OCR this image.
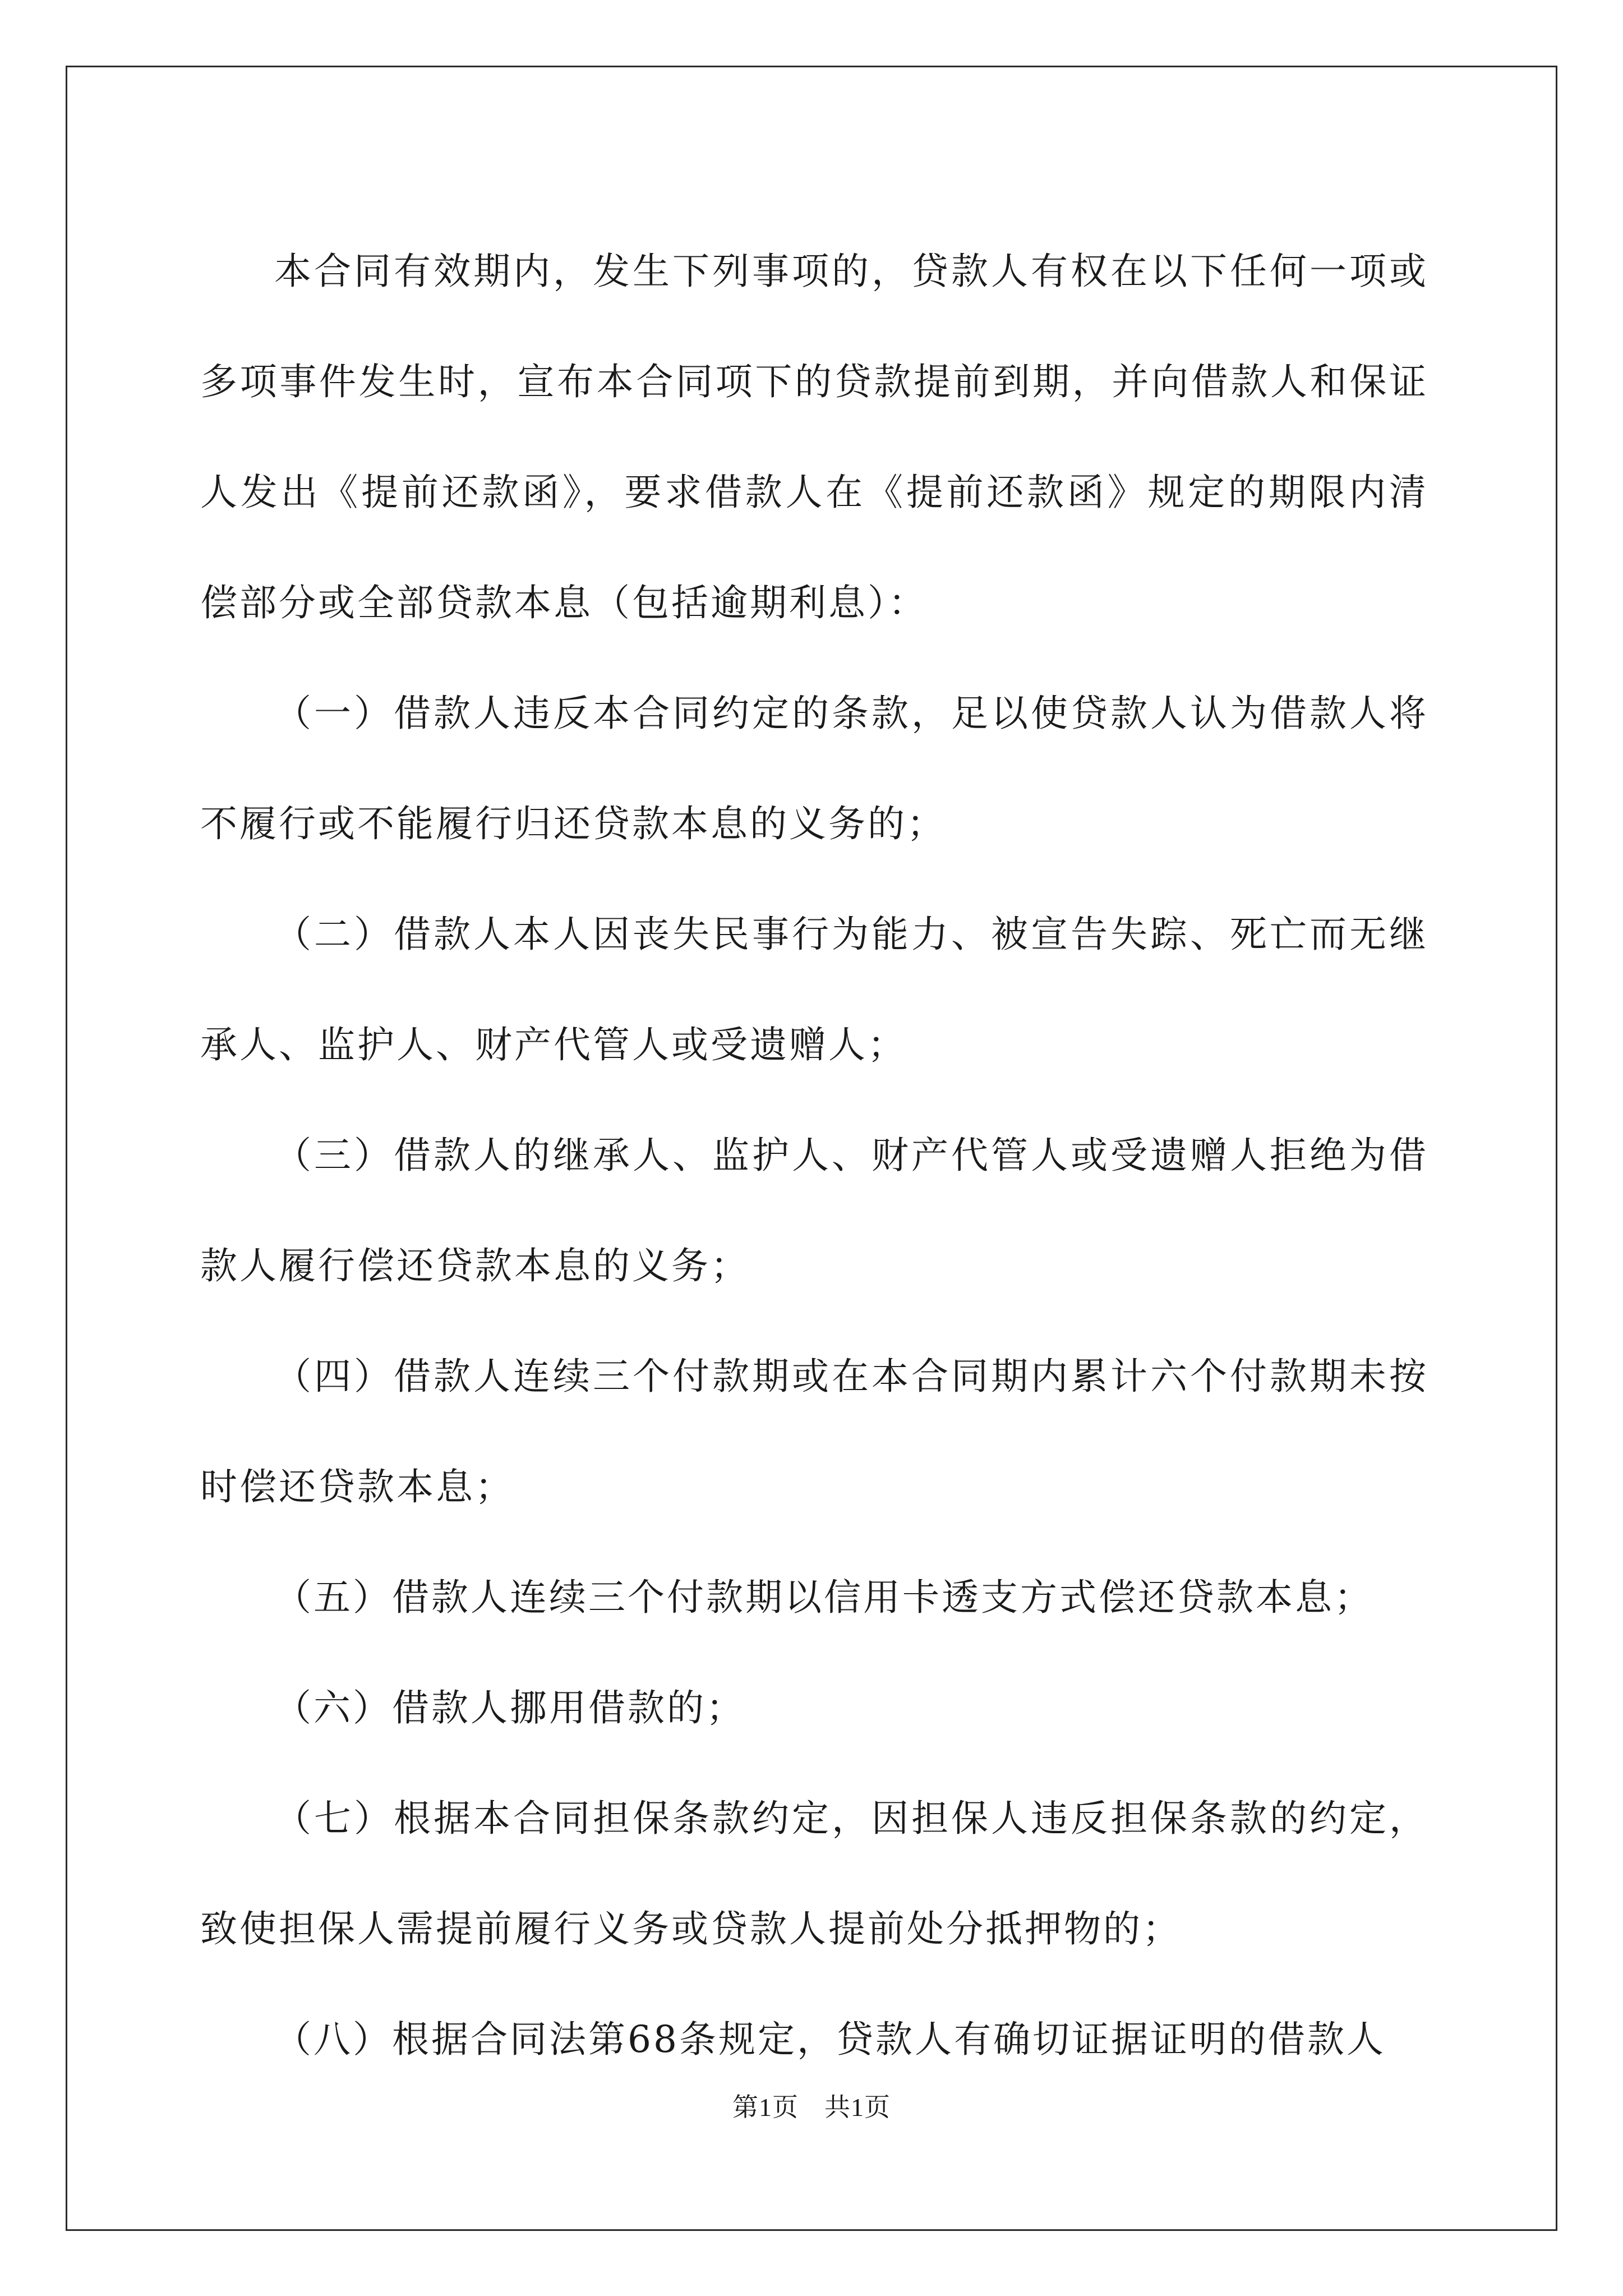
本合同有效期内，发生下列事项的，贷款人有权在以下任何一项或多项事件发生时，宣布本合同项下的贷款提前到期，并向借款人和保证人发出《提前还款函》，要求借款人在《提前还款函》规定的期限内清偿部分或全部贷款本息（包括逾期利息）：

（一）借款人违反本合同约定的条款，足以使贷款人认为借款人将不履行或不能履行归还贷款本息的义务的；

（二）借款人本人因丧失民事行为能力、被宣告失踪、死亡而无继承人、监护人、财产代管人或受遗赠人；

（三）借款人的继承人、监护人、财产代管人或受遗赠人拒绝为借款人履行偿还贷款本息的义务；

（四）借款人连续三个付款期或在本合同期内累计六个付款期未按时偿还贷款本息；

（五）借款人连续三个付款期以信用卡透支方式偿还贷款本息；

（六）借款人挪用借款的；

（七）根据本合同担保条款约定，因担保人违反担保条款的约定，致使担保人需提前履行义务或贷款人提前处分抵押物的；

（八）根据合同法第68条规定，贷款人有确切证据证明的借款人

第1页 共1页
